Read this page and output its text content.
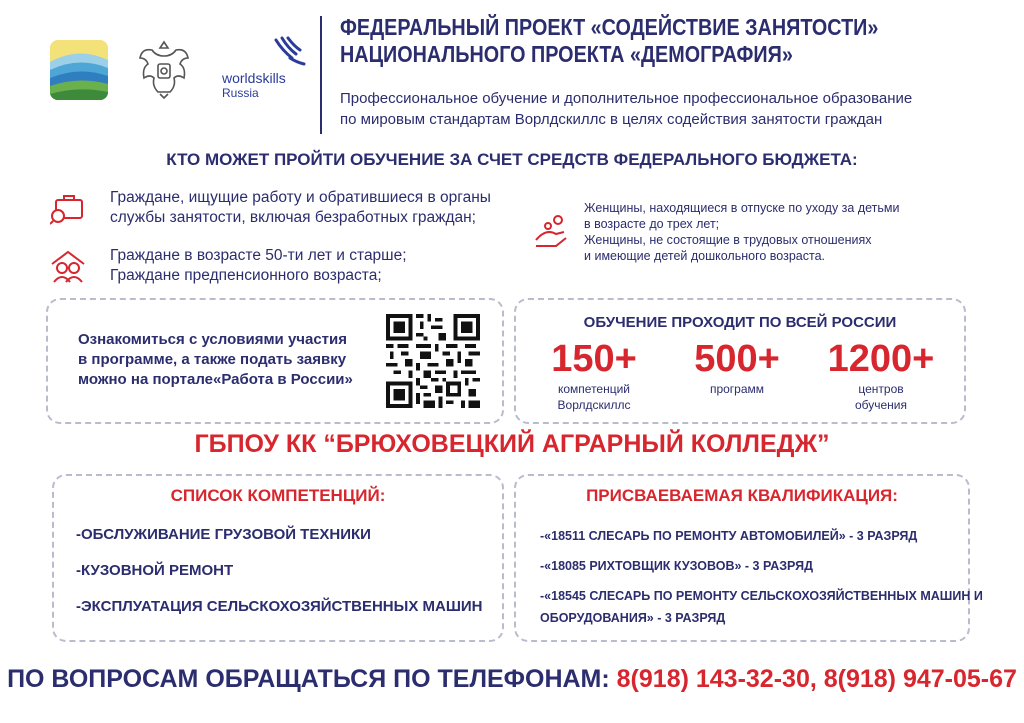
worldskills
Russia
ФЕДЕРАЛЬНЫЙ ПРОЕКТ «СОДЕЙСТВИЕ ЗАНЯТОСТИ»
НАЦИОНАЛЬНОГО ПРОЕКТА «ДЕМОГРАФИЯ»
Профессиональное обучение и дополнительное профессиональное образование
по мировым стандартам Ворлдскиллс в целях содействия занятости граждан
КТО МОЖЕТ ПРОЙТИ ОБУЧЕНИЕ ЗА СЧЕТ СРЕДСТВ ФЕДЕРАЛЬНОГО БЮДЖЕТА:
Граждане, ищущие работу и обратившиеся в органы
службы занятости, включая безработных граждан;
Граждане в возрасте 50-ти лет и старше;
Граждане предпенсионного возраста;
Женщины, находящиеся в отпуске по уходу за детьми
в возрасте до трех лет;
Женщины, не состоящие в трудовых отношениях
и имеющие детей дошкольного возраста.
Ознакомиться с условиями участия
в программе, а также подать заявку
можно на портале«Работа в России»
ОБУЧЕНИЕ ПРОХОДИТ ПО ВСЕЙ РОССИИ
150+
компетенций
Ворлдскиллс
500+
программ
1200+
центров
обучения
ГБПОУ КК “БРЮХОВЕЦКИЙ АГРАРНЫЙ КОЛЛЕДЖ”
СПИСОК КОМПЕТЕНЦИЙ:
-ОБСЛУЖИВАНИЕ ГРУЗОВОЙ ТЕХНИКИ
-КУЗОВНОЙ РЕМОНТ
-ЭКСПЛУАТАЦИЯ СЕЛЬСКОХОЗЯЙСТВЕННЫХ МАШИН
ПРИСВАЕВАЕМАЯ КВАЛИФИКАЦИЯ:
-«18511 СЛЕСАРЬ ПО РЕМОНТУ АВТОМОБИЛЕЙ» - 3 РАЗРЯД
-«18085 РИХТОВЩИК КУЗОВОВ» - 3 РАЗРЯД
-«18545 СЛЕСАРЬ ПО РЕМОНТУ СЕЛЬСКОХОЗЯЙСТВЕННЫХ МАШИН И
ОБОРУДОВАНИЯ» - 3 РАЗРЯД
ПО ВОПРОСАМ ОБРАЩАТЬСЯ ПО ТЕЛЕФОНАМ: 8(918) 143-32-30, 8(918) 947-05-67
